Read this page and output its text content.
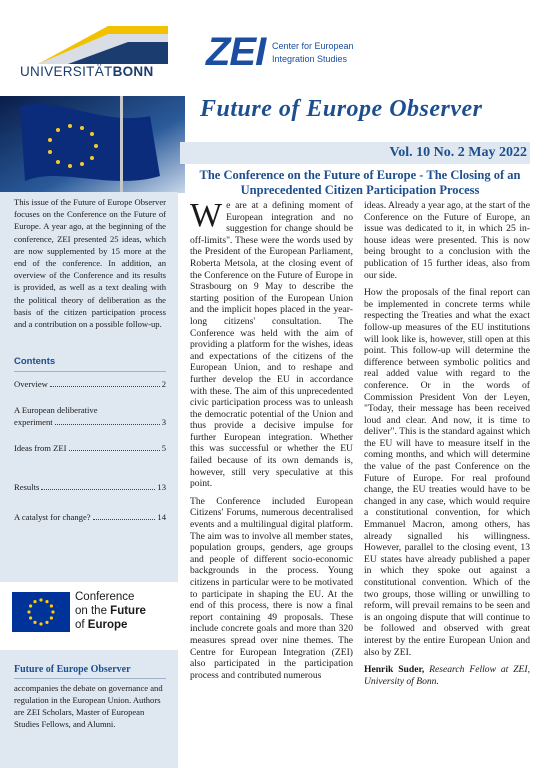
UNIVERSITÄTBONN ZEI Center for European
Integration Studies
Future of Europe Observer
Vol. 10 No. 2 May 2022
This issue of the Future of Europe Observer focuses on the Conference on the Future of Europe. A year ago, at the beginning of the conference, ZEI presented 25 ideas, which are now supplemented by 15 more at the end of the conference. In addition, an overview of the Conference and its results is provided, as well as a text dealing with the political theory of deliberation as the basis of the citizen participation process and a contribution on a possible follow-up.
Contents
Overview	2
A European deliberative
experiment	3
Ideas from ZEI	5
Results	13
A catalyst for change?	14
Conference
on the Future
of Europe
Future of Europe Observer
accompanies the debate on governance and regulation in the European Union. Authors are ZEI Scholars, Master of European Studies Fellows, and Alumni.
The Conference on the Future of Europe - The Closing of an Unprecedented Citizen Participation Process

We are at a defining moment of European integration and no suggestion for change should be off-limits". These were the words used by the President of the European Parliament, Roberta Metsola, at the closing event of the Conference on the Future of Europe in Strasbourg on 9 May to describe the starting position of the European Union and the implicit hopes placed in the year-long citizens' consultation. The Conference was held with the aim of providing a platform for the wishes, ideas and expectations of the citizens of the European Union, and to reshape and further develop the EU in accordance with these. The aim of this unprecedented civic participation process was to unleash the democratic potential of the Union and thus provide a decisive impulse for further European integration. Whether this was successful or whether the EU failed because of its own demands is, however, still very speculative at this point.

The Conference included European Citizens' Forums, numerous decentralised events and a multilingual digital platform. The aim was to involve all member states, population groups, genders, age groups and people of different socio-economic backgrounds in the process. Young citizens in particular were to be motivated to participate in shaping the EU. At the end of this process, there is now a final report containing 49 proposals. These include concrete goals and more than 320 measures spread over nine themes. The Centre for European Integration (ZEI) also participated in the participation process and contributed numerous

ideas. Already a year ago, at the start of the Conference on the Future of Europe, an issue was dedicated to it, in which 25 in-house ideas were presented. This is now being brought to a conclusion with the publication of 15 further ideas, also from our side.

How the proposals of the final report can be implemented in concrete terms while respecting the Treaties and what the exact follow-up measures of the EU institutions will look like is, however, still open at this point. This follow-up will determine the difference between symbolic politics and real added value with regard to the conference. Or in the words of Commission President Von der Leyen, "Today, their message has been received loud and clear. And now, it is time to deliver". This is the standard against which the EU will have to measure itself in the coming months, and which will determine the value of the past Conference on the Future of Europe. For real profound change, the EU treaties would have to be changed in any case, which would require a constitutional convention, for which Emmanuel Macron, among others, has already signalled his willingness. However, parallel to the closing event, 13 EU states have already published a paper in which they spoke out against a constitutional convention. Which of the two groups, those willing or unwilling to reform, will prevail remains to be seen and is an ongoing dispute that will continue to be followed and observed with great interest by the entire European Union and also by ZEI.

Henrik Suder, Research Fellow at ZEI, University of Bonn.
